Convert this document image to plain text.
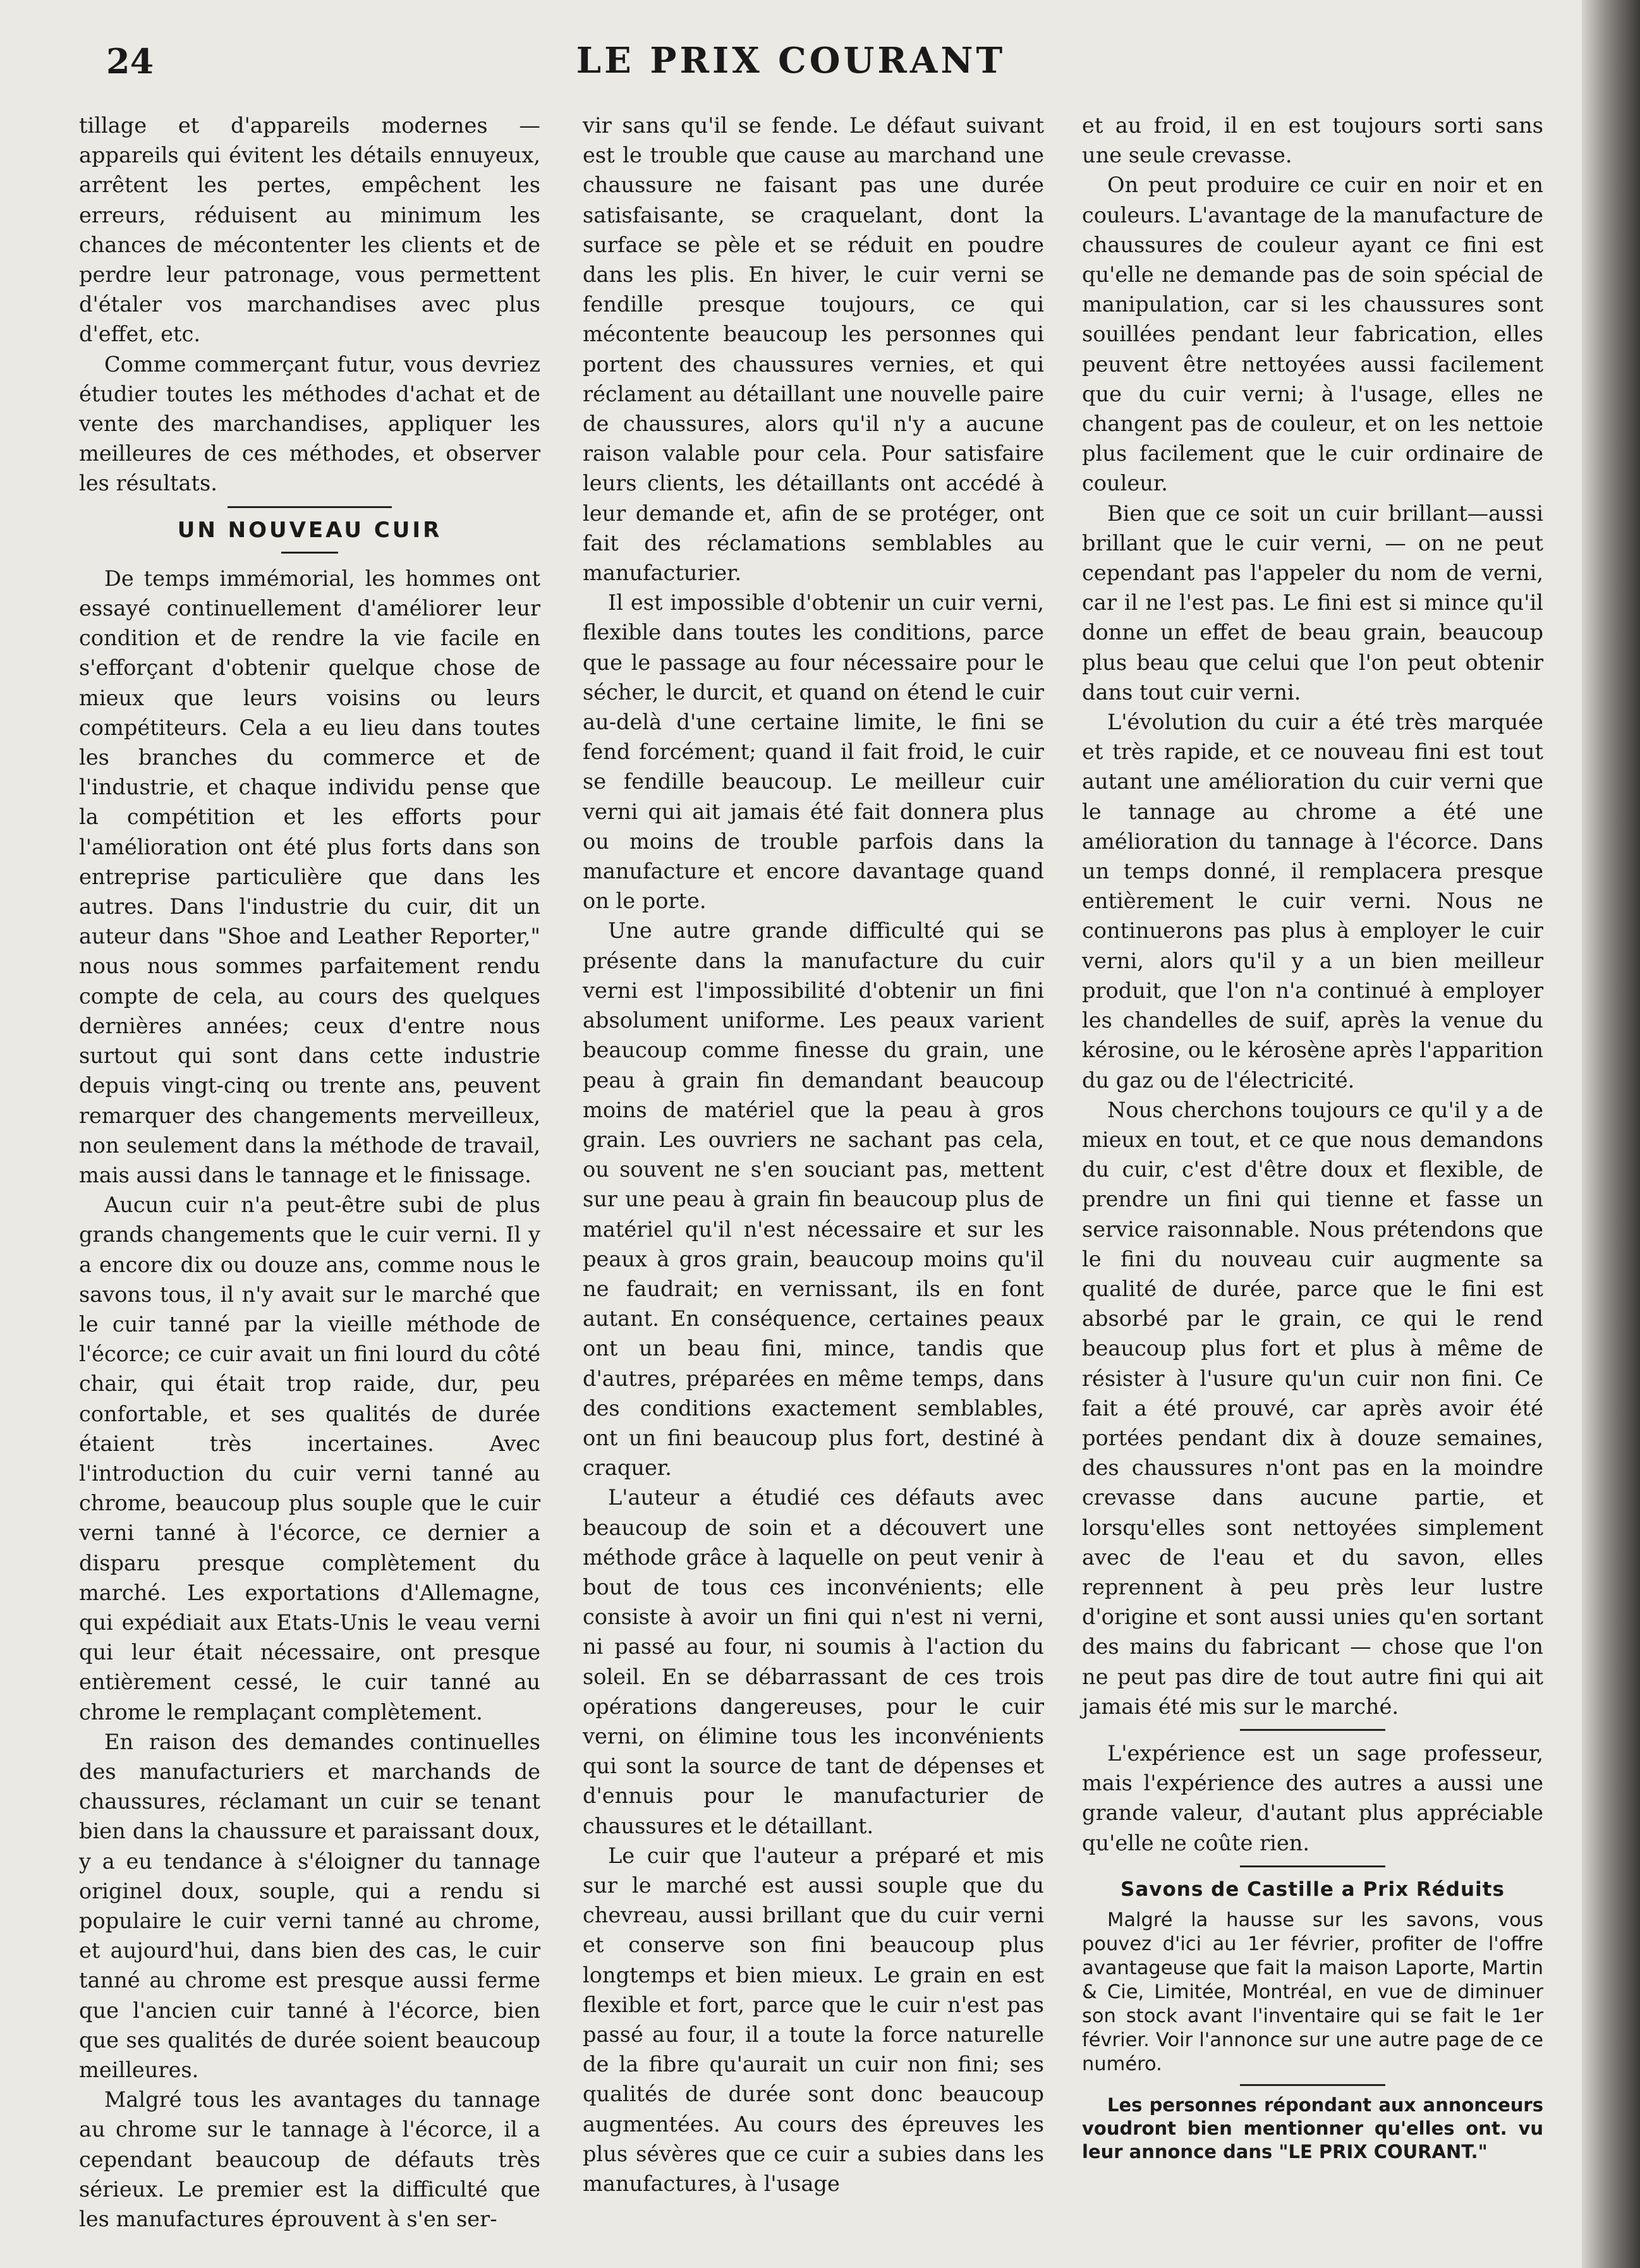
24	LE PRIX COURANT

tillage et d'appareils modernes — appareils qui évitent les détails ennuyeux, arrêtent les pertes, empêchent les erreurs, réduisent au minimum les chances de mécontenter les clients et de perdre leur patronage, vous permettent d'étaler vos marchandises avec plus d'effet, etc.

Comme commerçant futur, vous devriez étudier toutes les méthodes d'achat et de vente des marchandises, appliquer les meilleures de ces méthodes, et observer les résultats.

UN NOUVEAU CUIR

De temps immémorial, les hommes ont essayé continuellement d'améliorer leur condition et de rendre la vie facile en s'efforçant d'obtenir quelque chose de mieux que leurs voisins ou leurs compétiteurs. Cela a eu lieu dans toutes les branches du commerce et de l'industrie, et chaque individu pense que la compétition et les efforts pour l'amélioration ont été plus forts dans son entreprise particulière que dans les autres. Dans l'industrie du cuir, dit un auteur dans "Shoe and Leather Reporter," nous nous sommes parfaitement rendu compte de cela, au cours des quelques dernières années; ceux d'entre nous surtout qui sont dans cette industrie depuis vingt-cinq ou trente ans, peuvent remarquer des changements merveilleux, non seulement dans la méthode de travail, mais aussi dans le tannage et le finissage.

Aucun cuir n'a peut-être subi de plus grands changements que le cuir verni. Il y a encore dix ou douze ans, comme nous le savons tous, il n'y avait sur le marché que le cuir tanné par la vieille méthode de l'écorce; ce cuir avait un fini lourd du côté chair, qui était trop raide, dur, peu confortable, et ses qualités de durée étaient très incertaines. Avec l'introduction du cuir verni tanné au chrome, beaucoup plus souple que le cuir verni tanné à l'écorce, ce dernier a disparu presque complètement du marché. Les exportations d'Allemagne, qui expédiait aux Etats-Unis le veau verni qui leur était nécessaire, ont presque entièrement cessé, le cuir tanné au chrome le remplaçant complètement.

En raison des demandes continuelles des manufacturiers et marchands de chaussures, réclamant un cuir se tenant bien dans la chaussure et paraissant doux, y a eu tendance à s'éloigner du tannage originel doux, souple, qui a rendu si populaire le cuir verni tanné au chrome, et aujourd'hui, dans bien des cas, le cuir tanné au chrome est presque aussi ferme que l'ancien cuir tanné à l'écorce, bien que ses qualités de durée soient beaucoup meilleures.

Malgré tous les avantages du tannage au chrome sur le tannage à l'écorce, il a cependant beaucoup de défauts très sérieux. Le premier est la difficulté que les manufactures éprouvent à s'en ser-

vir sans qu'il se fende. Le défaut suivant est le trouble que cause au marchand une chaussure ne faisant pas une durée satisfaisante, se craquelant, dont la surface se pèle et se réduit en poudre dans les plis. En hiver, le cuir verni se fendille presque toujours, ce qui mécontente beaucoup les personnes qui portent des chaussures vernies, et qui réclament au détaillant une nouvelle paire de chaussures, alors qu'il n'y a aucune raison valable pour cela. Pour satisfaire leurs clients, les détaillants ont accédé à leur demande et, afin de se protéger, ont fait des réclamations semblables au manufacturier.

Il est impossible d'obtenir un cuir verni, flexible dans toutes les conditions, parce que le passage au four nécessaire pour le sécher, le durcit, et quand on étend le cuir au-delà d'une certaine limite, le fini se fend forcément; quand il fait froid, le cuir se fendille beaucoup. Le meilleur cuir verni qui ait jamais été fait donnera plus ou moins de trouble parfois dans la manufacture et encore davantage quand on le porte.

Une autre grande difficulté qui se présente dans la manufacture du cuir verni est l'impossibilité d'obtenir un fini absolument uniforme. Les peaux varient beaucoup comme finesse du grain, une peau à grain fin demandant beaucoup moins de matériel que la peau à gros grain. Les ouvriers ne sachant pas cela, ou souvent ne s'en souciant pas, mettent sur une peau à grain fin beaucoup plus de matériel qu'il n'est nécessaire et sur les peaux à gros grain, beaucoup moins qu'il ne faudrait; en vernissant, ils en font autant. En conséquence, certaines peaux ont un beau fini, mince, tandis que d'autres, préparées en même temps, dans des conditions exactement semblables, ont un fini beaucoup plus fort, destiné à craquer.

L'auteur a étudié ces défauts avec beaucoup de soin et a découvert une méthode grâce à laquelle on peut venir à bout de tous ces inconvénients; elle consiste à avoir un fini qui n'est ni verni, ni passé au four, ni soumis à l'action du soleil. En se débarrassant de ces trois opérations dangereuses, pour le cuir verni, on élimine tous les inconvénients qui sont la source de tant de dépenses et d'ennuis pour le manufacturier de chaussures et le détaillant.

Le cuir que l'auteur a préparé et mis sur le marché est aussi souple que du chevreau, aussi brillant que du cuir verni et conserve son fini beaucoup plus longtemps et bien mieux. Le grain en est flexible et fort, parce que le cuir n'est pas passé au four, il a toute la force naturelle de la fibre qu'aurait un cuir non fini; ses qualités de durée sont donc beaucoup augmentées. Au cours des épreuves les plus sévères que ce cuir a subies dans les manufactures, à l'usage

et au froid, il en est toujours sorti sans une seule crevasse.

On peut produire ce cuir en noir et en couleurs. L'avantage de la manufacture de chaussures de couleur ayant ce fini est qu'elle ne demande pas de soin spécial de manipulation, car si les chaussures sont souillées pendant leur fabrication, elles peuvent être nettoyées aussi facilement que du cuir verni; à l'usage, elles ne changent pas de couleur, et on les nettoie plus facilement que le cuir ordinaire de couleur.

Bien que ce soit un cuir brillant—aussi brillant que le cuir verni, — on ne peut cependant pas l'appeler du nom de verni, car il ne l'est pas. Le fini est si mince qu'il donne un effet de beau grain, beaucoup plus beau que celui que l'on peut obtenir dans tout cuir verni.

L'évolution du cuir a été très marquée et très rapide, et ce nouveau fini est tout autant une amélioration du cuir verni que le tannage au chrome a été une amélioration du tannage à l'écorce. Dans un temps donné, il remplacera presque entièrement le cuir verni. Nous ne continuerons pas plus à employer le cuir verni, alors qu'il y a un bien meilleur produit, que l'on n'a continué à employer les chandelles de suif, après la venue du kérosine, ou le kérosène après l'apparition du gaz ou de l'électricité.

Nous cherchons toujours ce qu'il y a de mieux en tout, et ce que nous demandons du cuir, c'est d'être doux et flexible, de prendre un fini qui tienne et fasse un service raisonnable. Nous prétendons que le fini du nouveau cuir augmente sa qualité de durée, parce que le fini est absorbé par le grain, ce qui le rend beaucoup plus fort et plus à même de résister à l'usure qu'un cuir non fini. Ce fait a été prouvé, car après avoir été portées pendant dix à douze semaines, des chaussures n'ont pas en la moindre crevasse dans aucune partie, et lorsqu'elles sont nettoyées simplement avec de l'eau et du savon, elles reprennent à peu près leur lustre d'origine et sont aussi unies qu'en sortant des mains du fabricant — chose que l'on ne peut pas dire de tout autre fini qui ait jamais été mis sur le marché.

L'expérience est un sage professeur, mais l'expérience des autres a aussi une grande valeur, d'autant plus appréciable qu'elle ne coûte rien.

Savons de Castille a Prix Réduits

Malgré la hausse sur les savons, vous pouvez d'ici au 1er février, profiter de l'offre avantageuse que fait la maison Laporte, Martin & Cie, Limitée, Montréal, en vue de diminuer son stock avant l'inventaire qui se fait le 1er février. Voir l'annonce sur une autre page de ce numéro.

Les personnes répondant aux annonceurs voudront bien mentionner qu'elles ont. vu leur annonce dans "LE PRIX COURANT."
